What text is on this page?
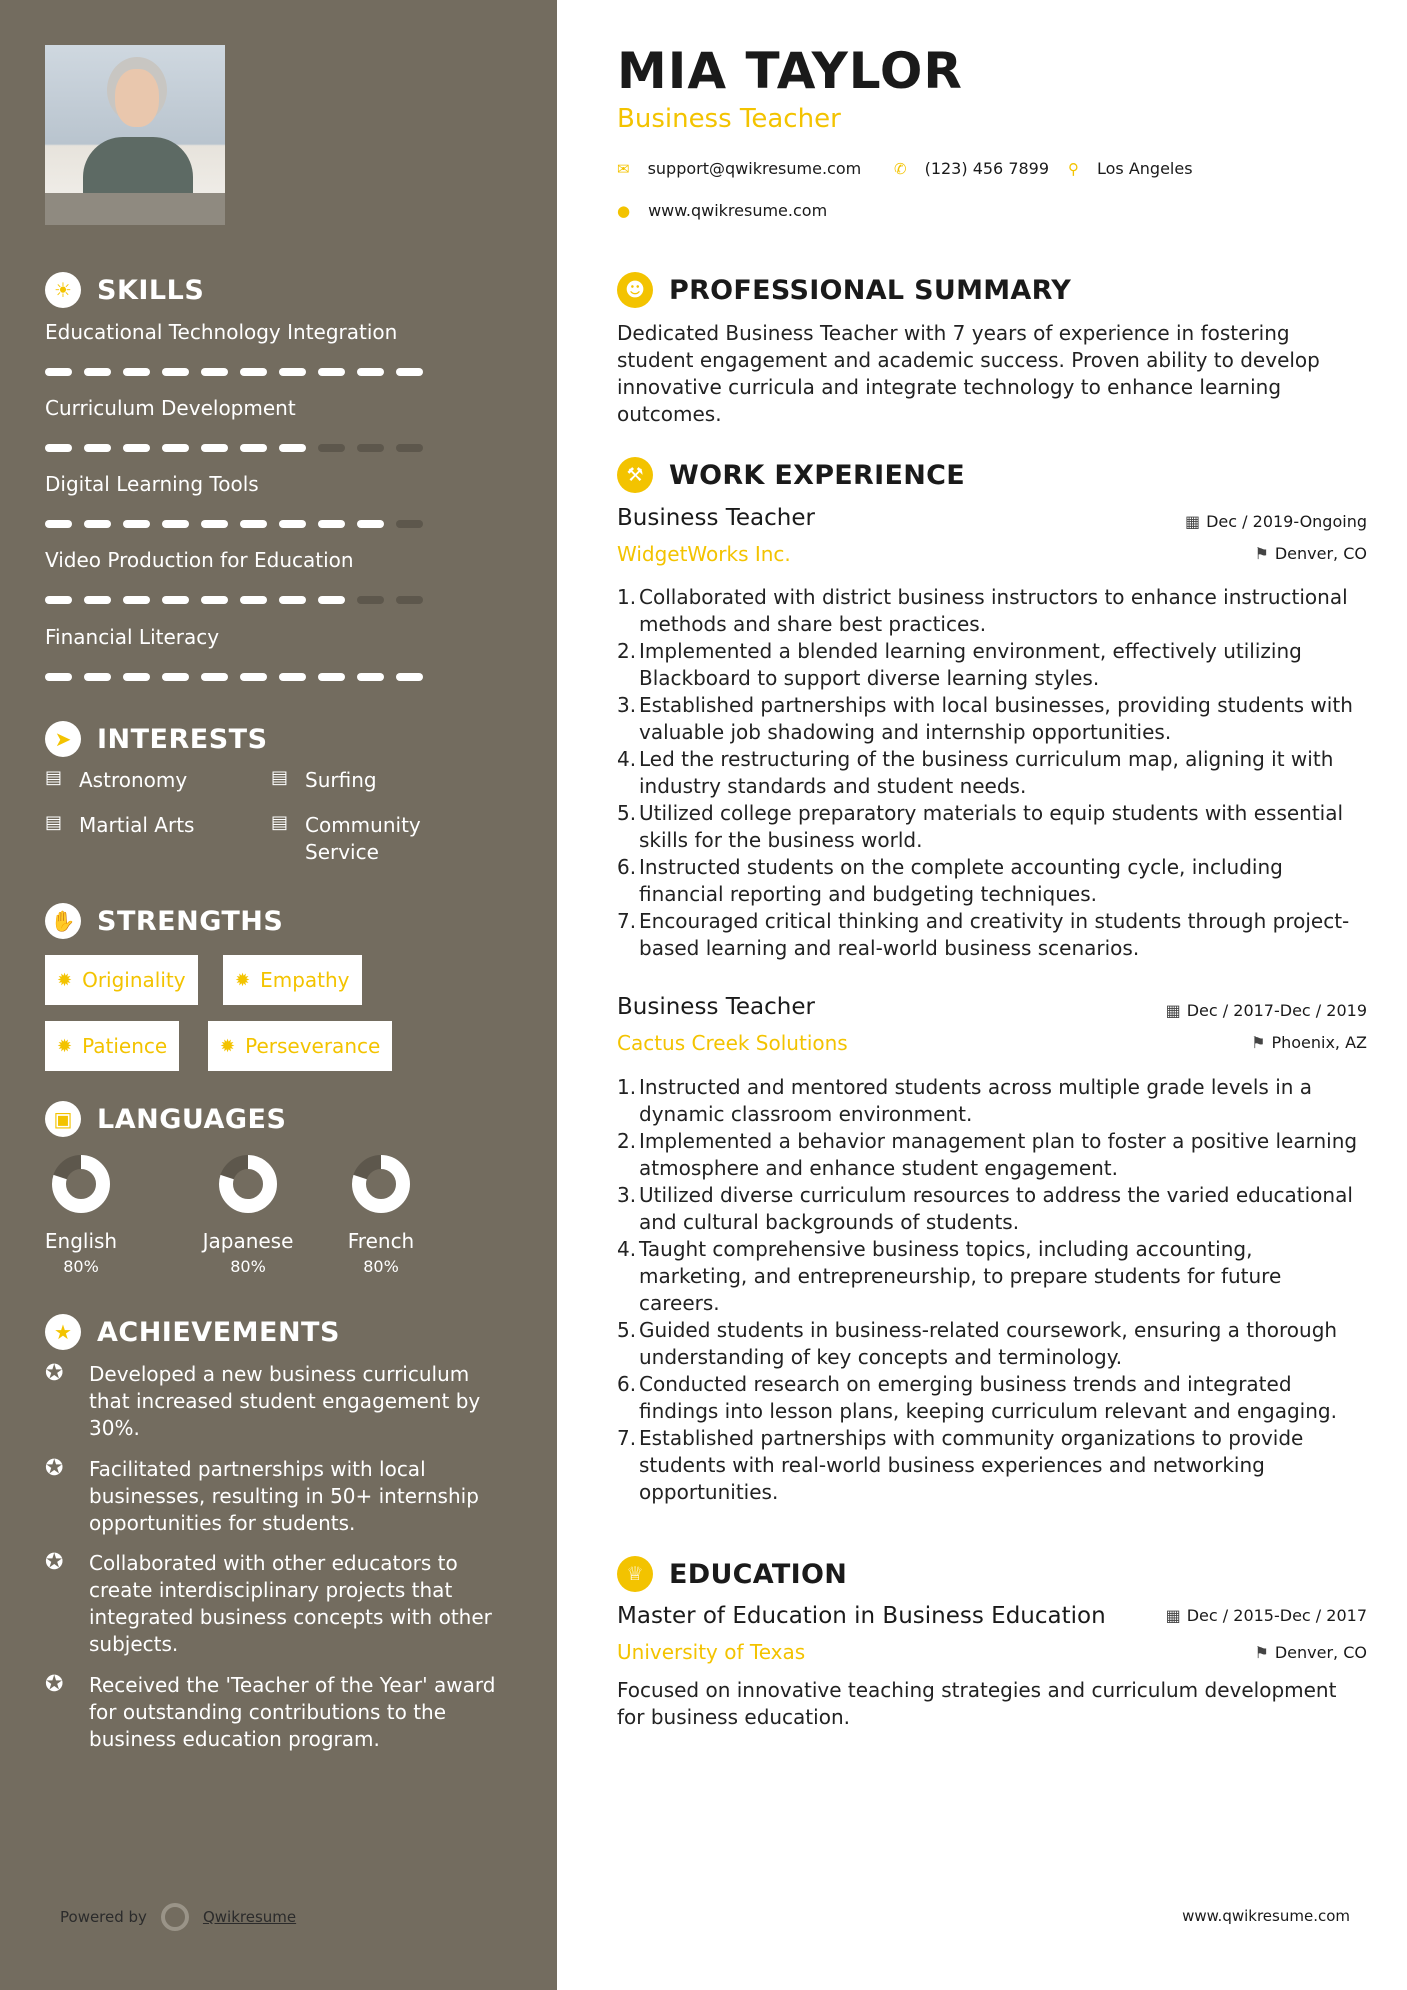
☀ SKILLS
Educational Technology Integration
Curriculum Development
Digital Learning Tools
Video Production for Education
Financial Literacy
➤ INTERESTS
▤ Astronomy	▤ Surfing
▤ Martial Arts	▤ Community Service
✋ STRENGTHS
✹ Originality	✹ Empathy
✹ Patience	✹ Perseverance
▣ LANGUAGES
English
80%
Japanese
80%
French
80%
★ ACHIEVEMENTS
✪	Developed a new business curriculum that increased student engagement by 30%.
✪	Facilitated partnerships with local businesses, resulting in 50+ internship opportunities for students.
✪	Collaborated with other educators to create interdisciplinary projects that integrated business concepts with other subjects.
✪	Received the 'Teacher of the Year' award for outstanding contributions to the business education program.
Powered by	Qwikresume
MIA TAYLOR
Business Teacher
✉ support@qwikresume.com ✆ (123) 456 7899 ⚲ Los Angeles
● www.qwikresume.com
☻ PROFESSIONAL SUMMARY
Dedicated Business Teacher with 7 years of experience in fostering student engagement and academic success. Proven ability to develop innovative curricula and integrate technology to enhance learning outcomes.
⚒ WORK EXPERIENCE
Business Teacher	▦ Dec / 2019-Ongoing
WidgetWorks Inc.	⚑ Denver, CO
1. Collaborated with district business instructors to enhance instructional methods and share best practices.
2. Implemented a blended learning environment, effectively utilizing Blackboard to support diverse learning styles.
3. Established partnerships with local businesses, providing students with valuable job shadowing and internship opportunities.
4. Led the restructuring of the business curriculum map, aligning it with industry standards and student needs.
5. Utilized college preparatory materials to equip students with essential skills for the business world.
6. Instructed students on the complete accounting cycle, including financial reporting and budgeting techniques.
7. Encouraged critical thinking and creativity in students through project-based learning and real-world business scenarios.
Business Teacher	▦ Dec / 2017-Dec / 2019
Cactus Creek Solutions	⚑ Phoenix, AZ
1. Instructed and mentored students across multiple grade levels in a dynamic classroom environment.
2. Implemented a behavior management plan to foster a positive learning atmosphere and enhance student engagement.
3. Utilized diverse curriculum resources to address the varied educational and cultural backgrounds of students.
4. Taught comprehensive business topics, including accounting, marketing, and entrepreneurship, to prepare students for future careers.
5. Guided students in business-related coursework, ensuring a thorough understanding of key concepts and terminology.
6. Conducted research on emerging business trends and integrated findings into lesson plans, keeping curriculum relevant and engaging.
7. Established partnerships with community organizations to provide students with real-world business experiences and networking opportunities.
♕ EDUCATION
Master of Education in Business Education	▦ Dec / 2015-Dec / 2017
University of Texas	⚑ Denver, CO
Focused on innovative teaching strategies and curriculum development for business education.
www.qwikresume.com
